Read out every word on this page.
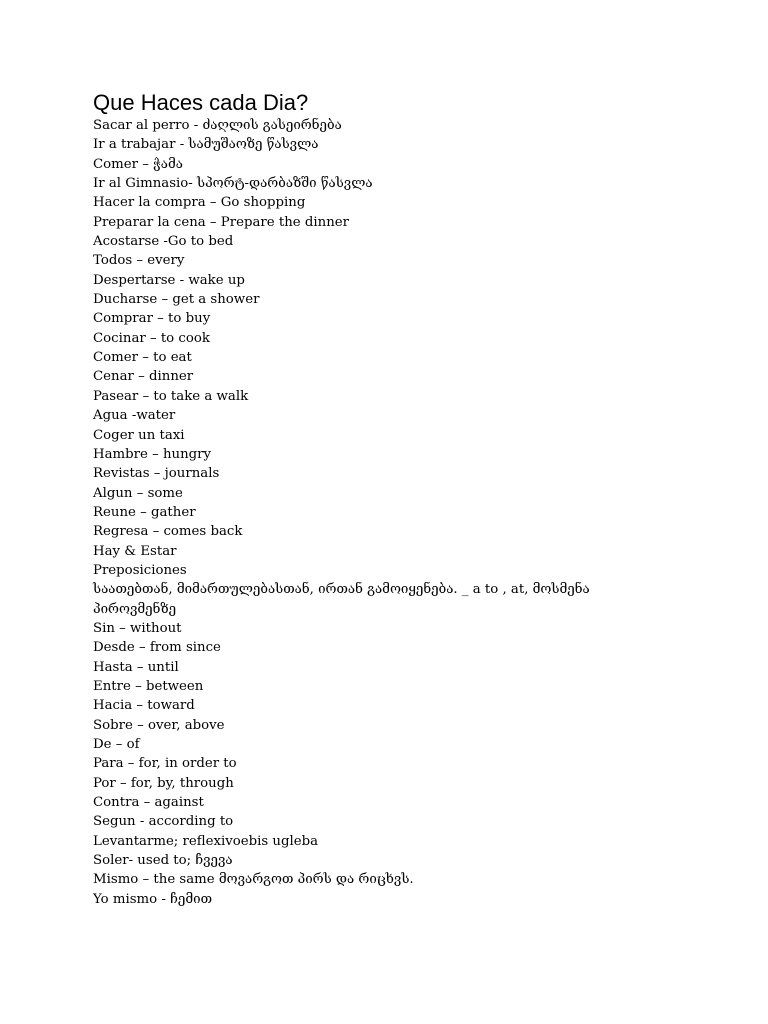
Que Haces cada Dia?
Sacar al perro - ძაღლის გასეირნება
Ir a trabajar - სამუშაოზე წასვლა
Comer – ჭამა
Ir al Gimnasio- სპორტ-დარბაზში წასვლა
Hacer la compra – Go shopping
Preparar la cena – Prepare the dinner
Acostarse -Go to bed
Todos – every
Despertarse - wake up
Ducharse – get a shower
Comprar – to buy
Cocinar – to cook
Comer – to eat
Cenar – dinner
Pasear – to take a walk
Agua -water
Coger un taxi
Hambre – hungry
Revistas – journals
Algun – some
Reune – gather
Regresa – comes back
Hay & Estar
Preposiciones
საათებთან, მიმართულებასთან, ირთან გამოიყენება. _ a to , at, მოსმენა პიროვმენზე
Sin – without
Desde – from since
Hasta – until
Entre – between
Hacia – toward
Sobre – over, above
De – of
Para – for, in order to
Por – for, by, through
Contra – against
Segun - according to
Levantarme; reflexivoebis ugleba
Soler- used to; ჩვევა
Mismo – the same მოვარგოთ პირს და რიცხვს.
Yo mismo - ჩემით
